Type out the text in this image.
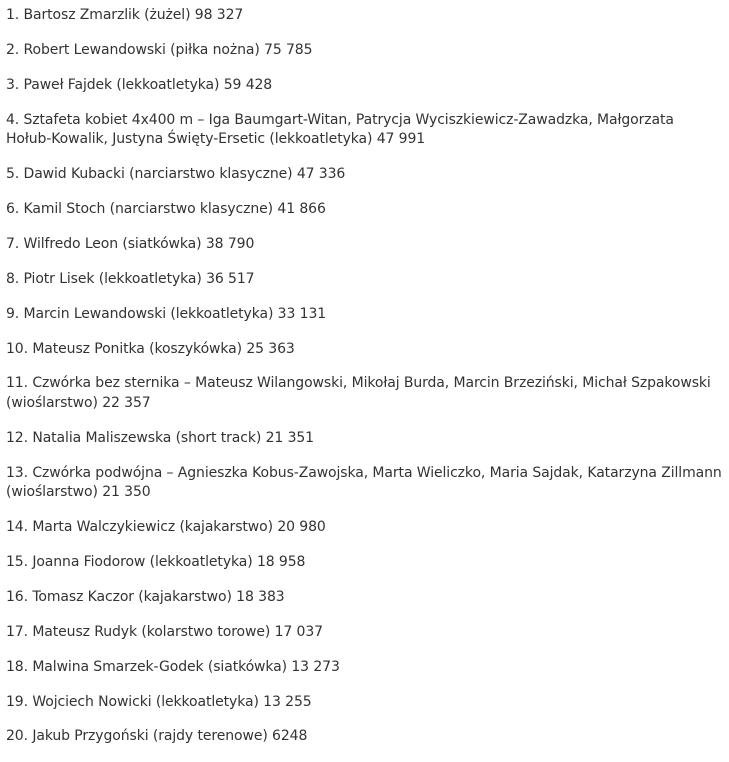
1. Bartosz Zmarzlik (żużel) 98 327

2. Robert Lewandowski (piłka nożna) 75 785

3. Paweł Fajdek (lekkoatletyka) 59 428

4. Sztafeta kobiet 4x400 m – Iga Baumgart-Witan, Patrycja Wyciszkiewicz-Zawadzka, Małgorzata Hołub-Kowalik, Justyna Święty-Ersetic (lekkoatletyka) 47 991

5. Dawid Kubacki (narciarstwo klasyczne) 47 336

6. Kamil Stoch (narciarstwo klasyczne) 41 866

7. Wilfredo Leon (siatkówka) 38 790

8. Piotr Lisek (lekkoatletyka) 36 517

9. Marcin Lewandowski (lekkoatletyka) 33 131

10. Mateusz Ponitka (koszykówka) 25 363

11. Czwórka bez sternika – Mateusz Wilangowski, Mikołaj Burda, Marcin Brzeziński, Michał Szpakowski (wioślarstwo) 22 357

12. Natalia Maliszewska (short track) 21 351

13. Czwórka podwójna – Agnieszka Kobus-Zawojska, Marta Wieliczko, Maria Sajdak, Katarzyna Zillmann (wioślarstwo) 21 350

14. Marta Walczykiewicz (kajakarstwo) 20 980

15. Joanna Fiodorow (lekkoatletyka) 18 958

16. Tomasz Kaczor (kajakarstwo) 18 383

17. Mateusz Rudyk (kolarstwo torowe) 17 037

18. Malwina Smarzek-Godek (siatkówka) 13 273

19. Wojciech Nowicki (lekkoatletyka) 13 255

20. Jakub Przygoński (rajdy terenowe) 6248
